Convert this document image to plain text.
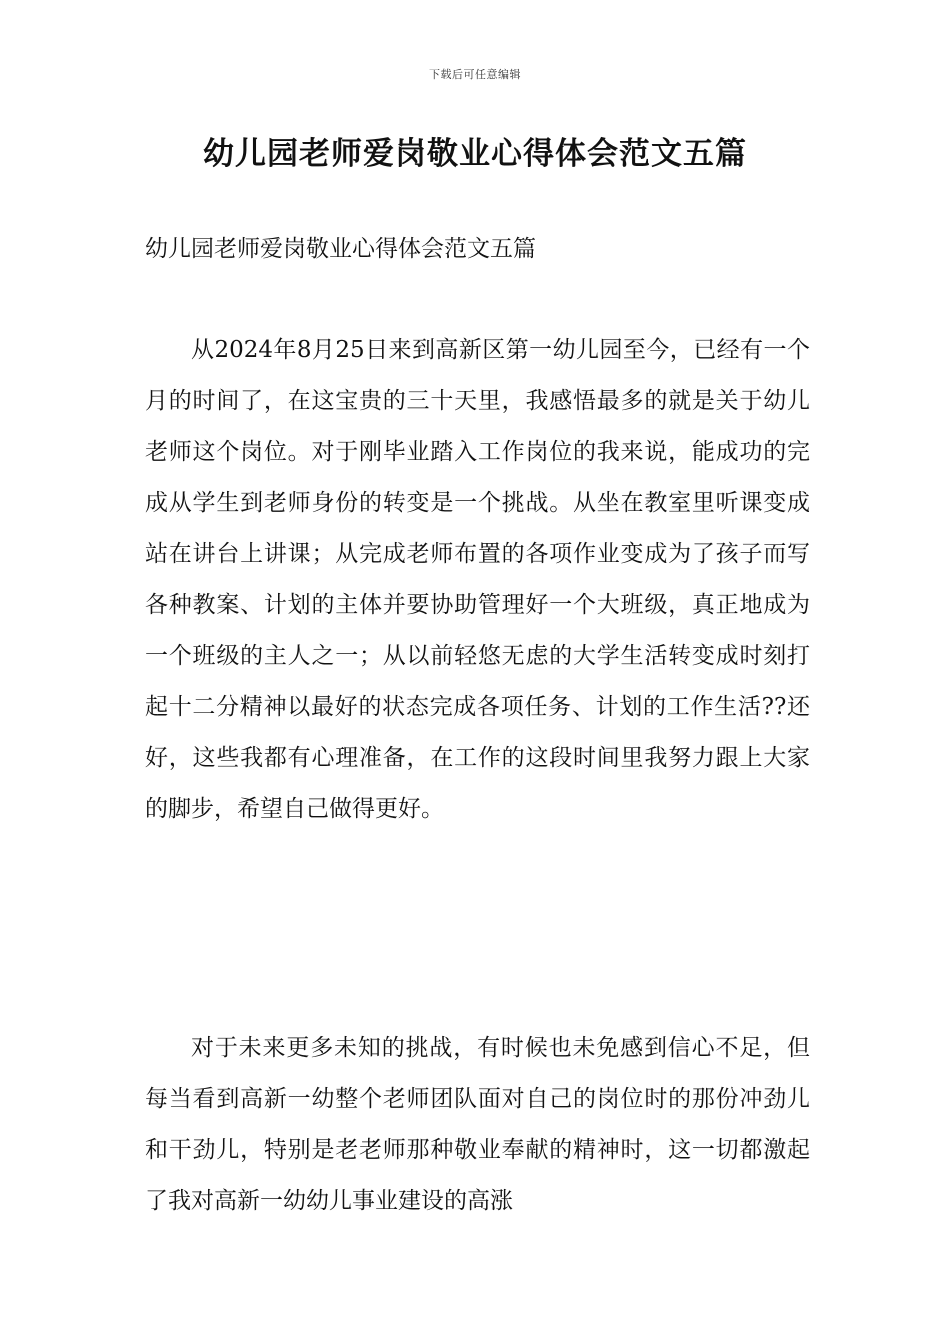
下载后可任意编辑
幼儿园老师爱岗敬业心得体会范文五篇

幼儿园老师爱岗敬业心得体会范文五篇

从2024年8月25日来到高新区第一幼儿园至今，已经有一个月的时间了，在这宝贵的三十天里，我感悟最多的就是关于幼儿老师这个岗位。对于刚毕业踏入工作岗位的我来说，能成功的完成从学生到老师身份的转变是一个挑战。从坐在教室里听课变成站在讲台上讲课；从完成老师布置的各项作业变成为了孩子而写各种教案、计划的主体并要协助管理好一个大班级，真正地成为一个班级的主人之一；从以前轻悠无虑的大学生活转变成时刻打起十二分精神以最好的状态完成各项任务、计划的工作生活??还好，这些我都有心理准备，在工作的这段时间里我努力跟上大家的脚步，希望自己做得更好。

对于未来更多未知的挑战，有时候也未免感到信心不足，但每当看到高新一幼整个老师团队面对自己的岗位时的那份冲劲儿和干劲儿，特别是老老师那种敬业奉献的精神时，这一切都激起了我对高新一幼幼儿事业建设的高涨
